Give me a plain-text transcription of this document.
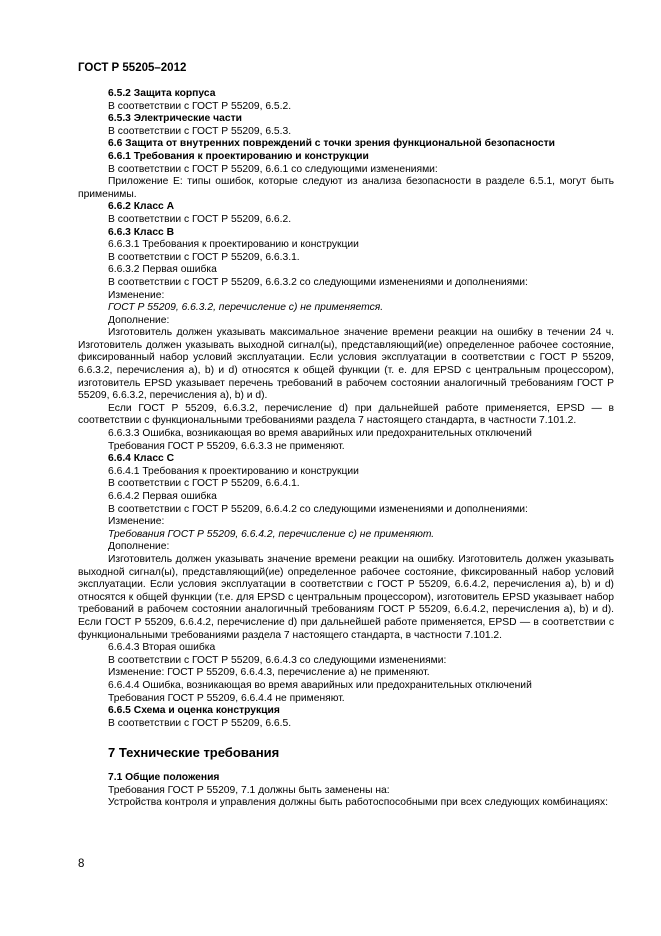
ГОСТ Р 55205–2012

6.5.2 Защита корпуса

В соответствии с ГОСТ Р 55209, 6.5.2.

6.5.3 Электрические части

В соответствии с ГОСТ Р 55209, 6.5.3.

6.6 Защита от внутренних повреждений с точки зрения функциональной безопасности

6.6.1 Требования к проектированию и конструкции

В соответствии с ГОСТ Р 55209, 6.6.1 со следующими изменениями:

Приложение Е: типы ошибок, которые следуют из анализа безопасности в разделе 6.5.1, могут быть применимы.

6.6.2 Класс А

В соответствии с ГОСТ Р 55209, 6.6.2.

6.6.3 Класс В

6.6.3.1 Требования к проектированию и конструкции

В соответствии с ГОСТ Р 55209, 6.6.3.1.

6.6.3.2 Первая ошибка

В соответствии с ГОСТ Р 55209, 6.6.3.2 со следующими изменениями и дополнениями:

Изменение:

ГОСТ Р 55209, 6.6.3.2, перечисление с) не применяется.

Дополнение:

Изготовитель должен указывать максимальное значение времени реакции на ошибку в течении 24 ч. Изготовитель должен указывать выходной сигнал(ы), представляющий(ие) определенное рабочее состояние, фиксированный набор условий эксплуатации. Если условия эксплуатации в соответствии с ГОСТ Р 55209, 6.6.3.2, перечисления а), b) и d) относятся к общей функции (т. е. для EPSD с центральным процессором), изготовитель EPSD указывает перечень требований в рабочем состоянии аналогичный требованиям ГОСТ Р 55209, 6.6.3.2, перечисления а), b) и d).

Если ГОСТ Р 55209, 6.6.3.2, перечисление d) при дальнейшей работе применяется, EPSD — в соответствии с функциональными требованиями раздела 7 настоящего стандарта, в частности 7.101.2.

6.6.3.3 Ошибка, возникающая во время аварийных или предохранительных отключений

Требования ГОСТ Р 55209, 6.6.3.3 не применяют.

6.6.4 Класс С

6.6.4.1 Требования к проектированию и конструкции

В соответствии с ГОСТ Р 55209, 6.6.4.1.

6.6.4.2 Первая ошибка

В соответствии с ГОСТ Р 55209, 6.6.4.2 со следующими изменениями и дополнениями:

Изменение:

Требования ГОСТ Р 55209, 6.6.4.2, перечисление с) не применяют.

Дополнение:

Изготовитель должен указывать значение времени реакции на ошибку. Изготовитель должен указывать выходной сигнал(ы), представляющий(ие) определенное рабочее состояние, фиксированный набор условий эксплуатации. Если условия эксплуатации в соответствии с ГОСТ Р 55209, 6.6.4.2, перечисления а), b) и d) относятся к общей функции (т.е. для EPSD с центральным процессором), изготовитель EPSD указывает набор требований в рабочем состоянии аналогичный требованиям ГОСТ Р 55209, 6.6.4.2, перечисления а), b) и d). Если ГОСТ Р 55209, 6.6.4.2, перечисление d) при дальнейшей работе применяется, EPSD — в соответствии с функциональными требованиями раздела 7 настоящего стандарта, в частности 7.101.2.

6.6.4.3 Вторая ошибка

В соответствии с ГОСТ Р 55209, 6.6.4.3 со следующими изменениями:

Изменение: ГОСТ Р 55209, 6.6.4.3, перечисление а) не применяют.

6.6.4.4 Ошибка, возникающая во время аварийных или предохранительных отключений

Требования ГОСТ Р 55209, 6.6.4.4 не применяют.

6.6.5 Схема и оценка конструкция

В соответствии с ГОСТ Р 55209, 6.6.5.

7 Технические требования

7.1 Общие положения

Требования ГОСТ Р 55209, 7.1 должны быть заменены на:

Устройства контроля и управления должны быть работоспособными при всех следующих комбинациях:

8
